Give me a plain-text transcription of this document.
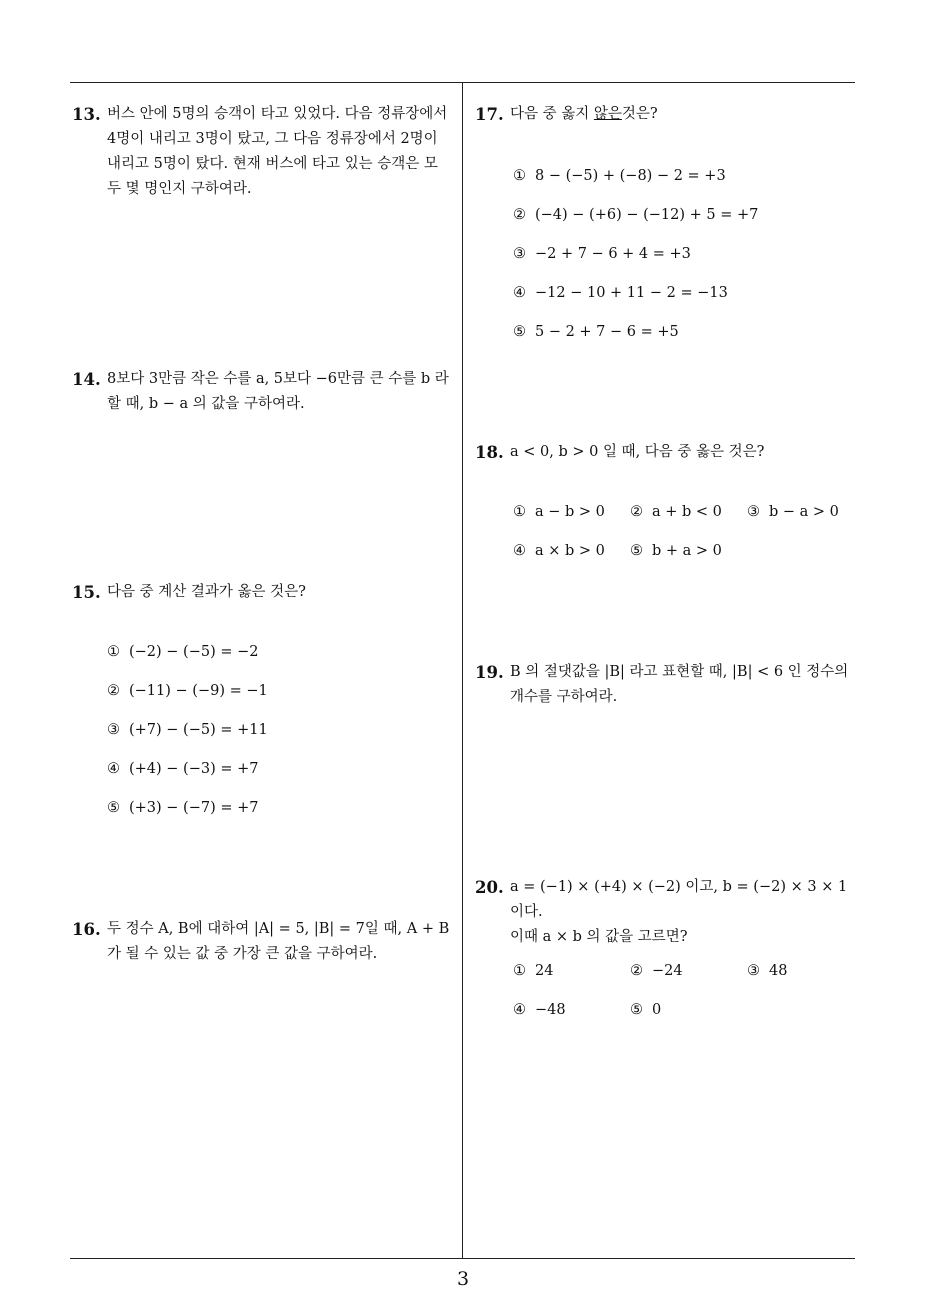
13. 버스 안에 5명의 승객이 타고 있었다. 다음 정류장에서
4명이 내리고 3명이 탔고, 그 다음 정류장에서 2명이
내리고 5명이 탔다. 현재 버스에 타고 있는 승객은 모
두 몇 명인지 구하여라.
14. 8보다 3만큼 작은 수를 a, 5보다 −6만큼 큰 수를 b 라
할 때, b − a 의 값을 구하여라.
15. 다음 중 계산 결과가 옳은 것은?
① (−2) − (−5) = −2
② (−11) − (−9) = −1
③ (+7) − (−5) = +11
④ (+4) − (−3) = +7
⑤ (+3) − (−7) = +7
16. 두 정수 A, B에 대하여 |A| = 5, |B| = 7일 때, A + B
가 될 수 있는 값 중 가장 큰 값을 구하여라.
17. 다음 중 옳지 않은것은?
① 8 − (−5) + (−8) − 2 = +3
② (−4) − (+6) − (−12) + 5 = +7
③ −2 + 7 − 6 + 4 = +3
④ −12 − 10 + 11 − 2 = −13
⑤ 5 − 2 + 7 − 6 = +5
18. a < 0, b > 0 일 때, 다음 중 옳은 것은?
① a − b > 0 ② a + b < 0 ③ b − a > 0
④ a × b > 0 ⑤ b + a > 0
19. B 의 절댓값을 |B| 라고 표현할 때, |B| < 6 인 정수의
개수를 구하여라.
20. a = (−1) × (+4) × (−2) 이고, b = (−2) × 3 × 1 이다.
이때 a × b 의 값을 고르면?
① 24	② −24	③ 48
④ −48	⑤ 0
3
